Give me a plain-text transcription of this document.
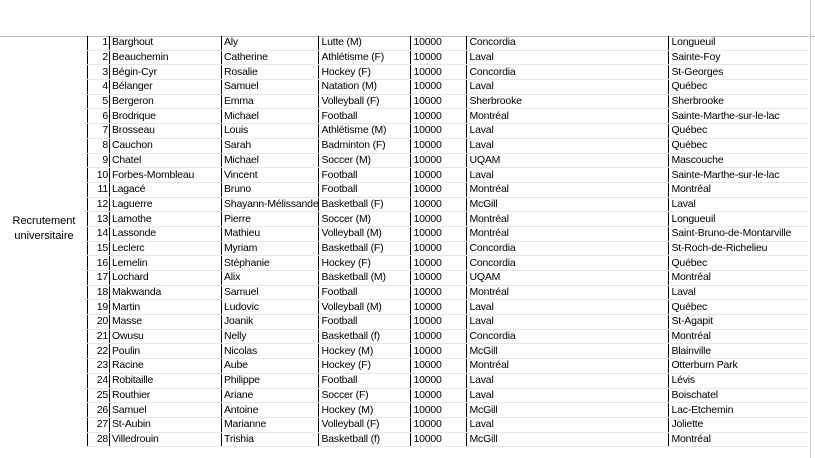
Recrutement
universitaire
1	Barghout	Aly	Lutte (M)	10000	Concordia	Longueuil
2	Beauchemin	Catherine	Athlétisme (F)	10000	Laval	Sainte-Foy
3	Bégin-Cyr	Rosalie	Hockey (F)	10000	Concordia	St-Georges
4	Bélanger	Samuel	Natation (M)	10000	Laval	Québec
5	Bergeron	Emma	Volleyball (F)	10000	Sherbrooke	Sherbrooke
6	Brodrique	Michael	Football	10000	Montréal	Sainte-Marthe-sur-le-lac
7	Brosseau	Louis	Athlétisme (M)	10000	Laval	Québec
8	Cauchon	Sarah	Badminton (F)	10000	Laval	Québec
9	Chatel	Michael	Soccer (M)	10000	UQAM	Mascouche
10	Forbes-Mombleau	Vincent	Football	10000	Laval	Sainte-Marthe-sur-le-lac
11	Lagacé	Bruno	Football	10000	Montréal	Montréal
12	Laguerre	Shayann-Mélissande	Basketball (F)	10000	McGill	Laval
13	Lamothe	Pierre	Soccer (M)	10000	Montréal	Longueuil
14	Lassonde	Mathieu	Volleyball (M)	10000	Montréal	Saint-Bruno-de-Montarville
15	Leclerc	Myriam	Basketball (F)	10000	Concordia	St-Roch-de-Richelieu
16	Lemelin	Stéphanie	Hockey (F)	10000	Concordia	Québec
17	Lochard	Alix	Basketball (M)	10000	UQAM	Montréal
18	Makwanda	Samuel	Football	10000	Montréal	Laval
19	Martin	Ludovic	Volleyball (M)	10000	Laval	Québec
20	Masse	Joanik	Football	10000	Laval	St-Agapit
21	Owusu	Nelly	Basketball (f)	10000	Concordia	Montréal
22	Poulin	Nicolas	Hockey (M)	10000	McGill	Blainville
23	Racine	Aube	Hockey (F)	10000	Montréal	Otterburn Park
24	Robitaille	Philippe	Football	10000	Laval	Lévis
25	Routhier	Ariane	Soccer (F)	10000	Laval	Boischatel
26	Samuel	Antoine	Hockey (M)	10000	McGill	Lac-Etchemin
27	St-Aubin	Marianne	Volleyball (F)	10000	Laval	Joliette
28	Villedrouin	Trishia	Basketball (f)	10000	McGill	Montréal
